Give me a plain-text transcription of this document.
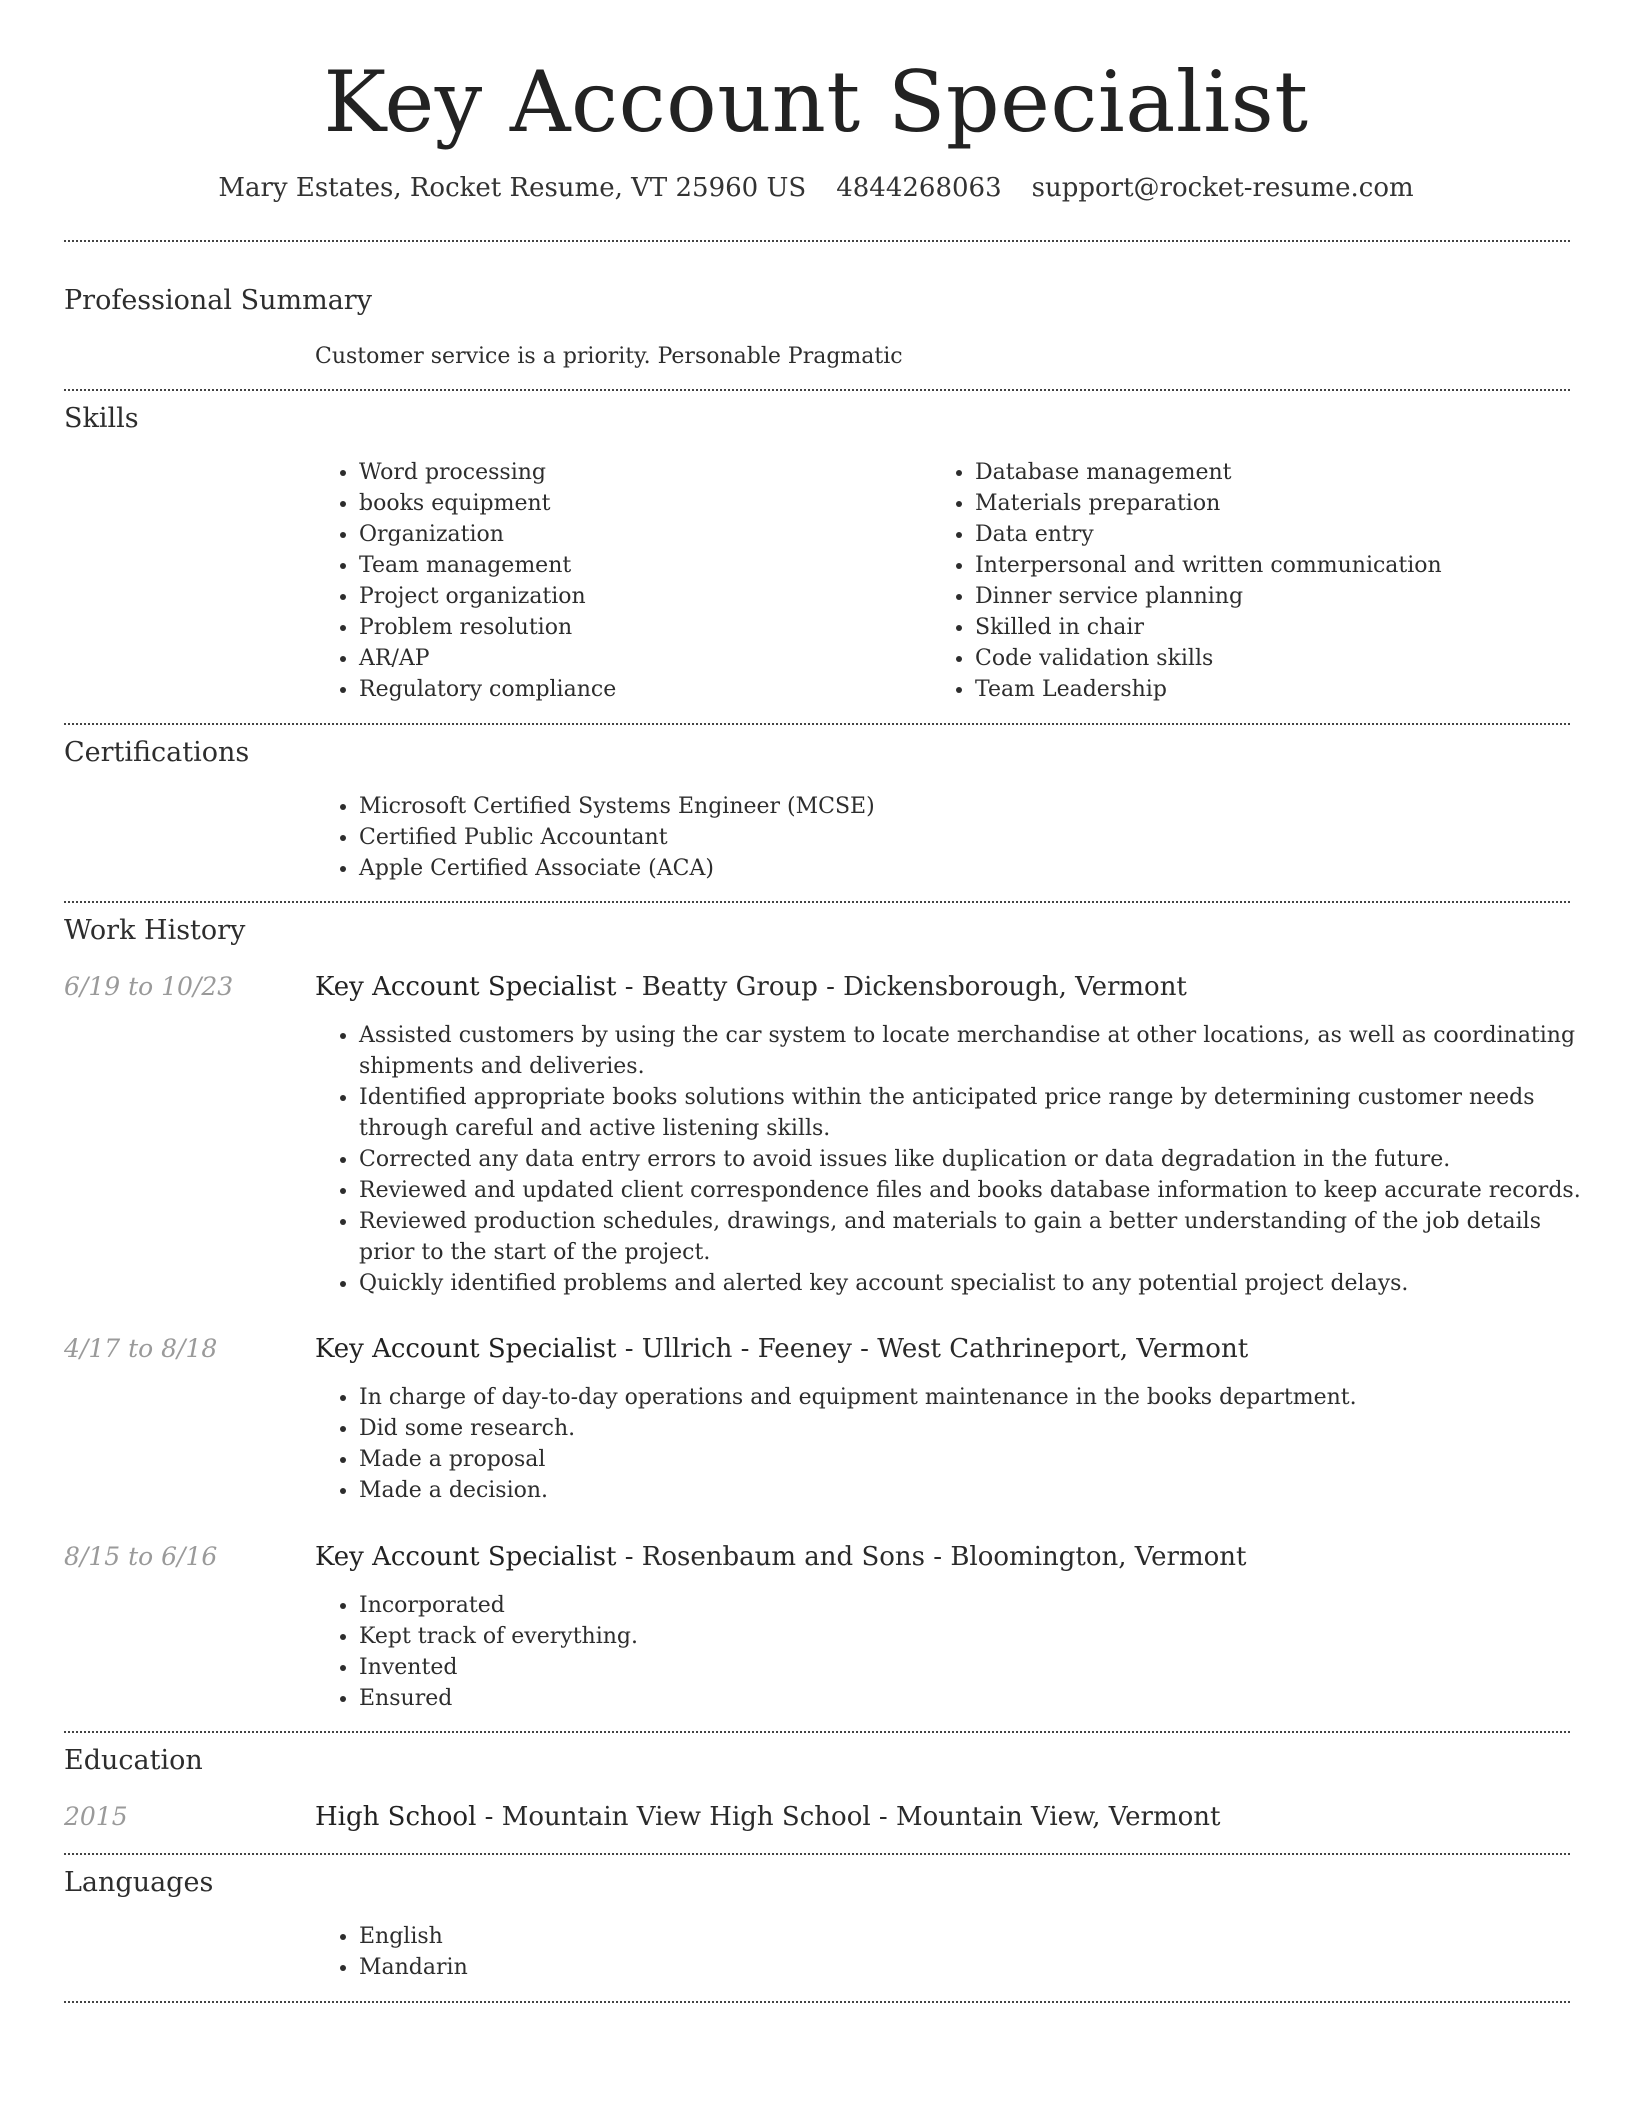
Key Account Specialist
Mary Estates, Rocket Resume, VT 25960 US 4844268063 support@rocket-resume.com
Professional Summary
Customer service is a priority. Personable Pragmatic
Skills
• Word processing
• books equipment
• Organization
• Team management
• Project organization
• Problem resolution
• AR/AP
• Regulatory compliance
• Database management
• Materials preparation
• Data entry
• Interpersonal and written communication
• Dinner service planning
• Skilled in chair
• Code validation skills
• Team Leadership
Certifications
• Microsoft Certified Systems Engineer (MCSE)
• Certified Public Accountant
• Apple Certified Associate (ACA)
Work History
6/19 to 10/23	Key Account Specialist - Beatty Group - Dickensborough, Vermont
• Assisted customers by using the car system to locate merchandise at other locations, as well as coordinating shipments and deliveries.
• Identified appropriate books solutions within the anticipated price range by determining customer needs through careful and active listening skills.
• Corrected any data entry errors to avoid issues like duplication or data degradation in the future.
• Reviewed and updated client correspondence files and books database information to keep accurate records.
• Reviewed production schedules, drawings, and materials to gain a better understanding of the job details prior to the start of the project.
• Quickly identified problems and alerted key account specialist to any potential project delays.
4/17 to 8/18	Key Account Specialist - Ullrich - Feeney - West Cathrineport, Vermont
• In charge of day-to-day operations and equipment maintenance in the books department.
• Did some research.
• Made a proposal
• Made a decision.
8/15 to 6/16	Key Account Specialist - Rosenbaum and Sons - Bloomington, Vermont
• Incorporated
• Kept track of everything.
• Invented
• Ensured
Education
2015	High School - Mountain View High School - Mountain View, Vermont
Languages
• English
• Mandarin
